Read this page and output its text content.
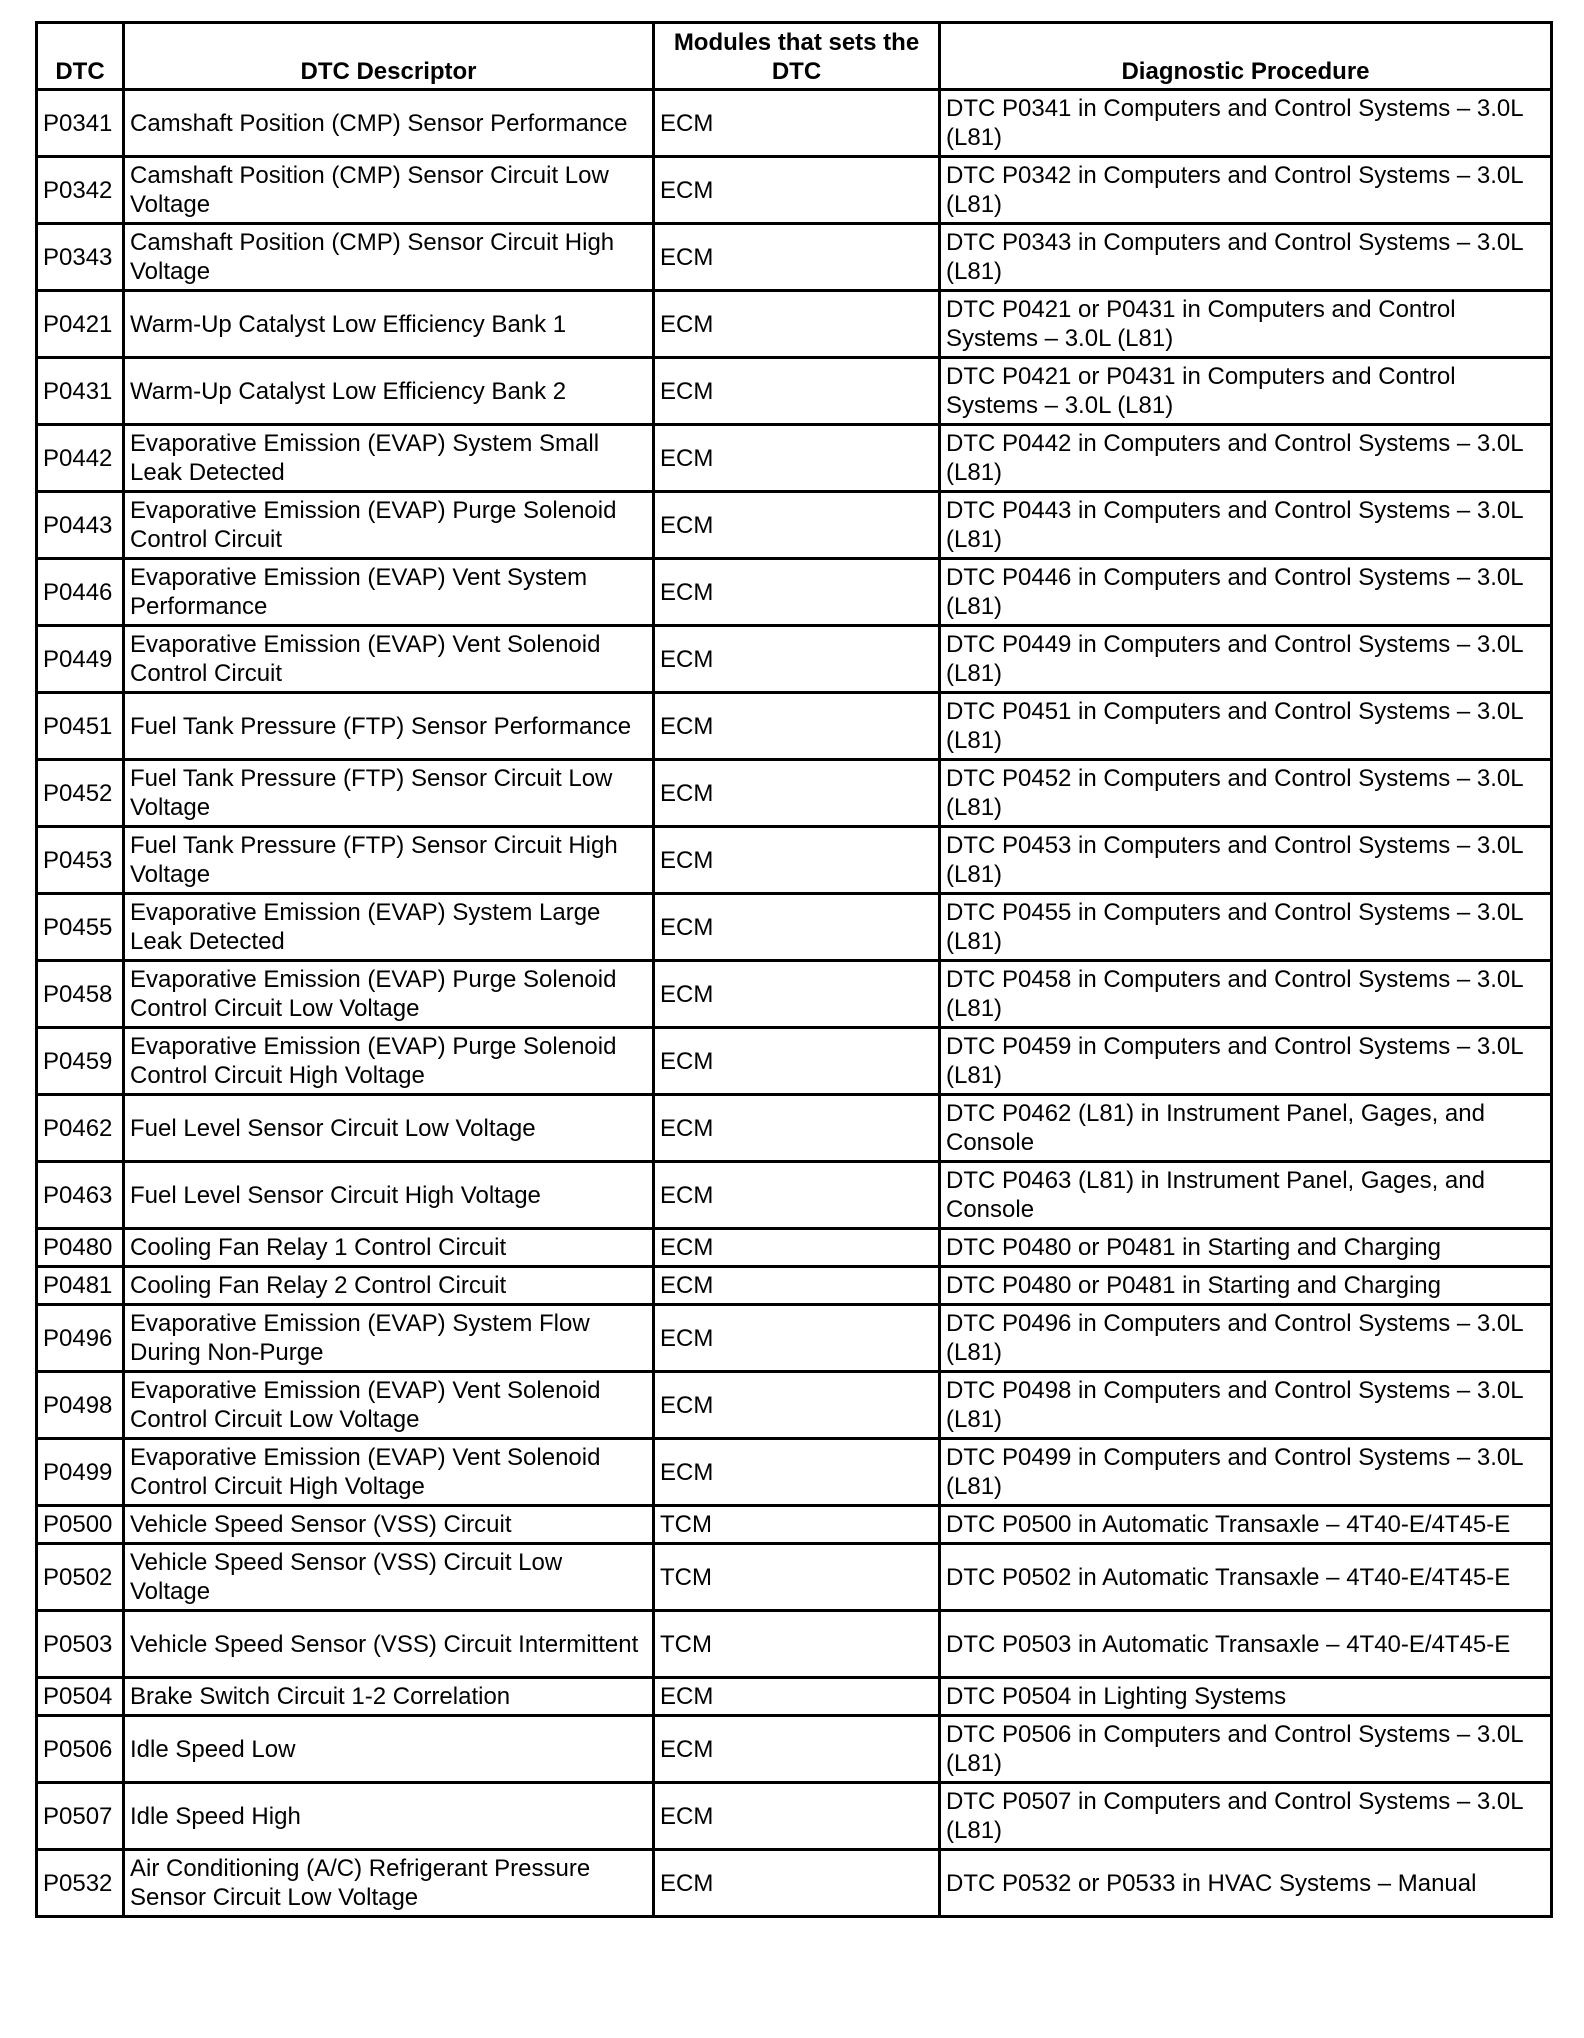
DTC	DTC Descriptor	Modules that sets the DTC	Diagnostic Procedure
P0341	Camshaft Position (CMP) Sensor Performance	ECM	DTC P0341 in Computers and Control Systems – 3.0L (L81)
P0342	Camshaft Position (CMP) Sensor Circuit Low Voltage	ECM	DTC P0342 in Computers and Control Systems – 3.0L (L81)
P0343	Camshaft Position (CMP) Sensor Circuit High Voltage	ECM	DTC P0343 in Computers and Control Systems – 3.0L (L81)
P0421	Warm-Up Catalyst Low Efficiency Bank 1	ECM	DTC P0421 or P0431 in Computers and Control Systems – 3.0L (L81)
P0431	Warm-Up Catalyst Low Efficiency Bank 2	ECM	DTC P0421 or P0431 in Computers and Control Systems – 3.0L (L81)
P0442	Evaporative Emission (EVAP) System Small Leak Detected	ECM	DTC P0442 in Computers and Control Systems – 3.0L (L81)
P0443	Evaporative Emission (EVAP) Purge Solenoid Control Circuit	ECM	DTC P0443 in Computers and Control Systems – 3.0L (L81)
P0446	Evaporative Emission (EVAP) Vent System Performance	ECM	DTC P0446 in Computers and Control Systems – 3.0L (L81)
P0449	Evaporative Emission (EVAP) Vent Solenoid Control Circuit	ECM	DTC P0449 in Computers and Control Systems – 3.0L (L81)
P0451	Fuel Tank Pressure (FTP) Sensor Performance	ECM	DTC P0451 in Computers and Control Systems – 3.0L (L81)
P0452	Fuel Tank Pressure (FTP) Sensor Circuit Low Voltage	ECM	DTC P0452 in Computers and Control Systems – 3.0L (L81)
P0453	Fuel Tank Pressure (FTP) Sensor Circuit High Voltage	ECM	DTC P0453 in Computers and Control Systems – 3.0L (L81)
P0455	Evaporative Emission (EVAP) System Large Leak Detected	ECM	DTC P0455 in Computers and Control Systems – 3.0L (L81)
P0458	Evaporative Emission (EVAP) Purge Solenoid Control Circuit Low Voltage	ECM	DTC P0458 in Computers and Control Systems – 3.0L (L81)
P0459	Evaporative Emission (EVAP) Purge Solenoid Control Circuit High Voltage	ECM	DTC P0459 in Computers and Control Systems – 3.0L (L81)
P0462	Fuel Level Sensor Circuit Low Voltage	ECM	DTC P0462 (L81) in Instrument Panel, Gages, and Console
P0463	Fuel Level Sensor Circuit High Voltage	ECM	DTC P0463 (L81) in Instrument Panel, Gages, and Console
P0480	Cooling Fan Relay 1 Control Circuit	ECM	DTC P0480 or P0481 in Starting and Charging
P0481	Cooling Fan Relay 2 Control Circuit	ECM	DTC P0480 or P0481 in Starting and Charging
P0496	Evaporative Emission (EVAP) System Flow During Non-Purge	ECM	DTC P0496 in Computers and Control Systems – 3.0L (L81)
P0498	Evaporative Emission (EVAP) Vent Solenoid Control Circuit Low Voltage	ECM	DTC P0498 in Computers and Control Systems – 3.0L (L81)
P0499	Evaporative Emission (EVAP) Vent Solenoid Control Circuit High Voltage	ECM	DTC P0499 in Computers and Control Systems – 3.0L (L81)
P0500	Vehicle Speed Sensor (VSS) Circuit	TCM	DTC P0500 in Automatic Transaxle – 4T40-E/4T45-E
P0502	Vehicle Speed Sensor (VSS) Circuit Low Voltage	TCM	DTC P0502 in Automatic Transaxle – 4T40-E/4T45-E
P0503	Vehicle Speed Sensor (VSS) Circuit Intermittent	TCM	DTC P0503 in Automatic Transaxle – 4T40-E/4T45-E
P0504	Brake Switch Circuit 1-2 Correlation	ECM	DTC P0504 in Lighting Systems
P0506	Idle Speed Low	ECM	DTC P0506 in Computers and Control Systems – 3.0L (L81)
P0507	Idle Speed High	ECM	DTC P0507 in Computers and Control Systems – 3.0L (L81)
P0532	Air Conditioning (A/C) Refrigerant Pressure Sensor Circuit Low Voltage	ECM	DTC P0532 or P0533 in HVAC Systems – Manual
